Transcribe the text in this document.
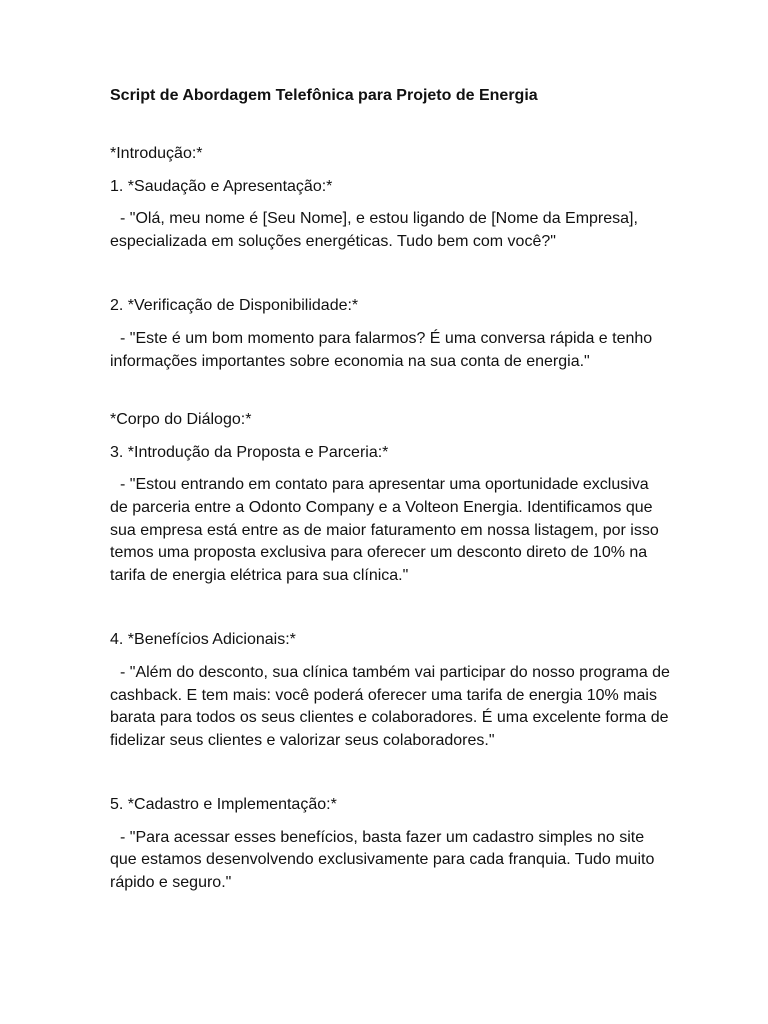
Script de Abordagem Telefônica para Projeto de Energia

*Introdução:*

1. *Saudação e Apresentação:*

- "Olá, meu nome é [Seu Nome], e estou ligando de [Nome da Empresa], especializada em soluções energéticas. Tudo bem com você?"

2. *Verificação de Disponibilidade:*

- "Este é um bom momento para falarmos? É uma conversa rápida e tenho informações importantes sobre economia na sua conta de energia."

*Corpo do Diálogo:*

3. *Introdução da Proposta e Parceria:*

- "Estou entrando em contato para apresentar uma oportunidade exclusiva de parceria entre a Odonto Company e a Volteon Energia. Identificamos que sua empresa está entre as de maior faturamento em nossa listagem, por isso temos uma proposta exclusiva para oferecer um desconto direto de 10% na tarifa de energia elétrica para sua clínica."

4. *Benefícios Adicionais:*

- "Além do desconto, sua clínica também vai participar do nosso programa de cashback. E tem mais: você poderá oferecer uma tarifa de energia 10% mais barata para todos os seus clientes e colaboradores. É uma excelente forma de fidelizar seus clientes e valorizar seus colaboradores."

5. *Cadastro e Implementação:*

- "Para acessar esses benefícios, basta fazer um cadastro simples no site que estamos desenvolvendo exclusivamente para cada franquia. Tudo muito rápido e seguro."
